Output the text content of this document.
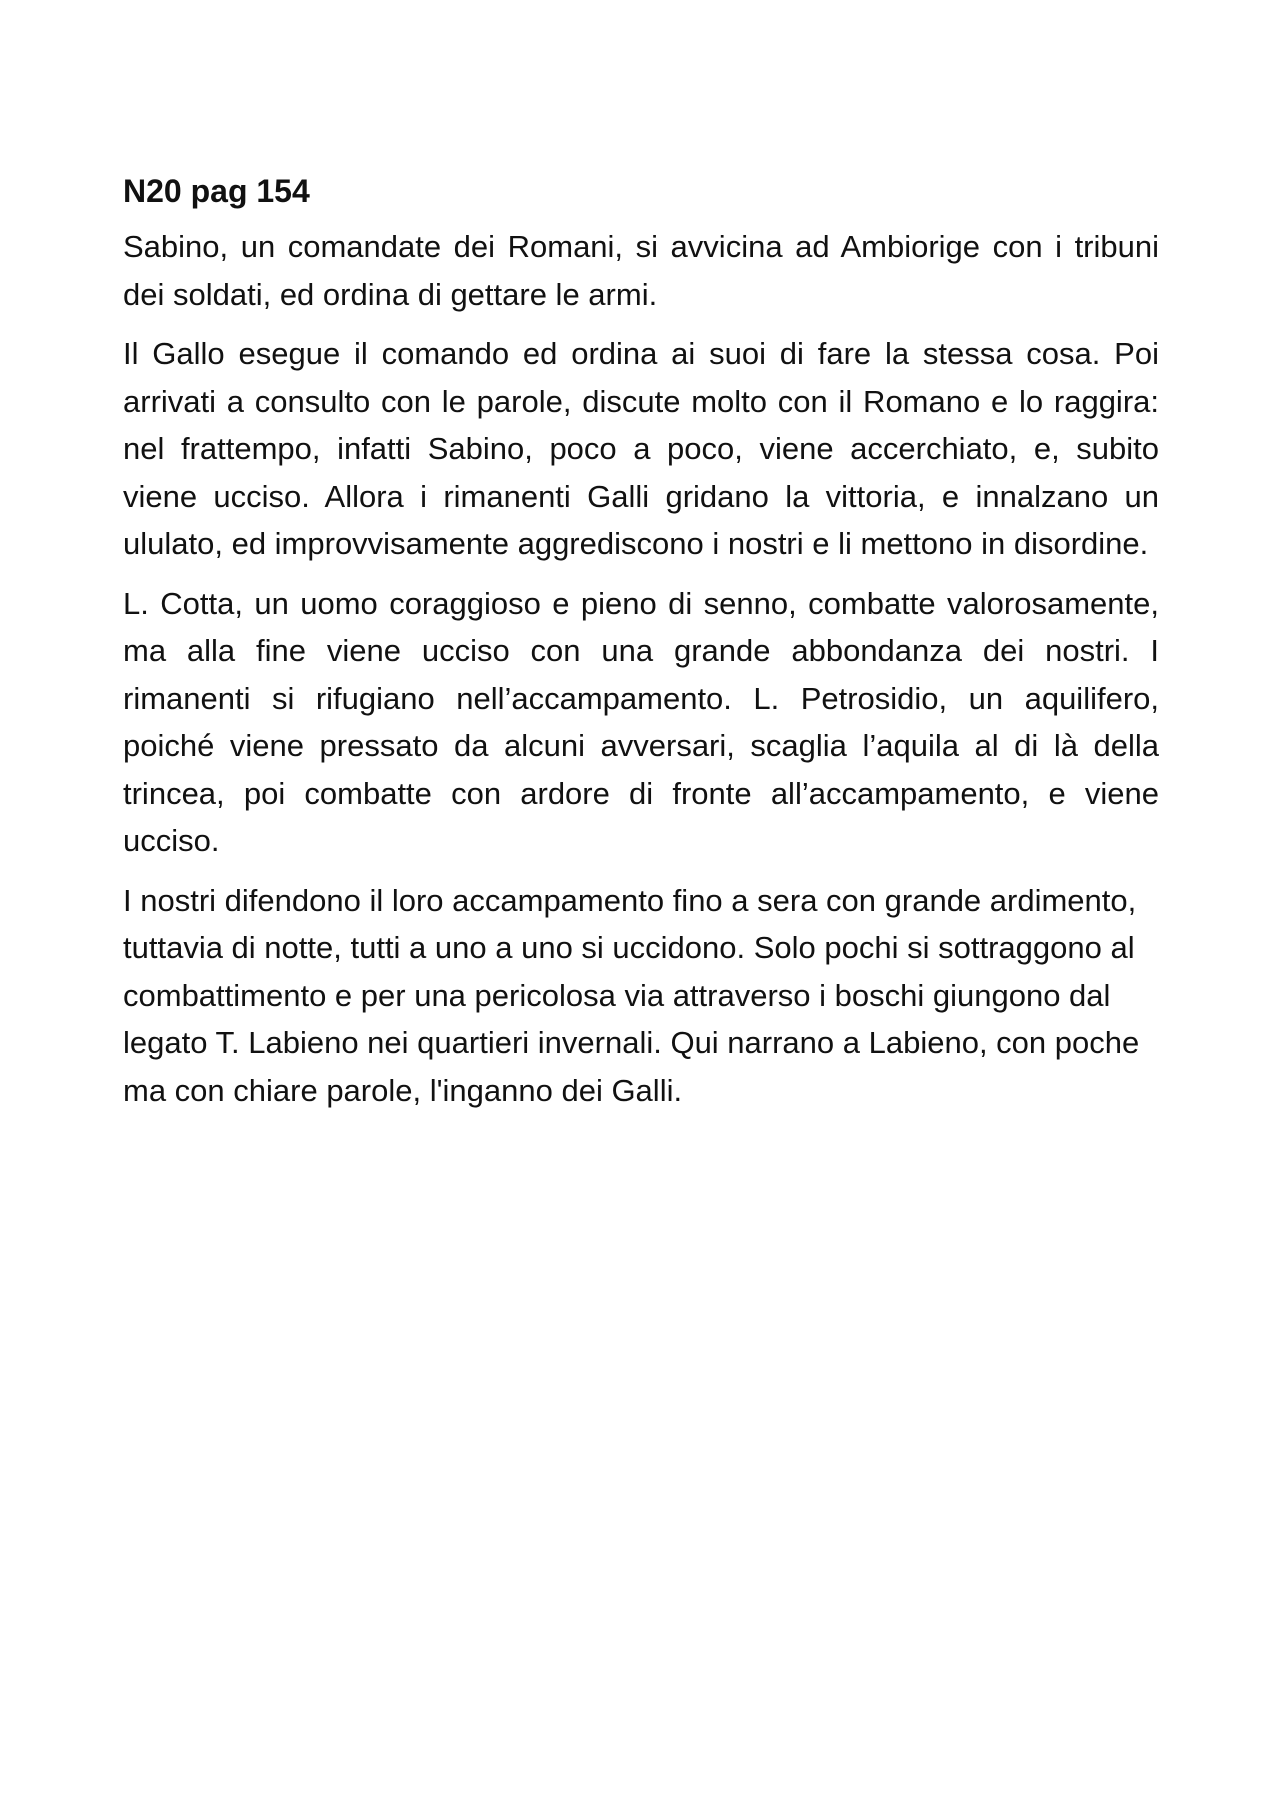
N20 pag 154

Sabino, un comandate dei Romani, si avvicina ad Ambiorige con i tribuni dei soldati, ed ordina di gettare le armi.

Il Gallo esegue il comando ed ordina ai suoi di fare la stessa cosa. Poi arrivati a consulto con le parole, discute molto con il Romano e lo raggira: nel frattempo, infatti Sabino, poco a poco, viene accerchiato, e, subito viene ucciso. Allora i rimanenti Galli gridano la vittoria, e innalzano un ululato, ed improvvisamente aggrediscono i nostri e li mettono in disordine.

L. Cotta, un uomo coraggioso e pieno di senno, combatte valorosamente, ma alla fine viene ucciso con una grande abbondanza dei nostri. I rimanenti si rifugiano nell’accampamento. L. Petrosidio, un aquilifero, poiché viene pressato da alcuni avversari, scaglia l’aquila al di là della trincea, poi combatte con ardore di fronte all’accampamento, e viene ucciso.

I nostri difendono il loro accampamento fino a sera con grande ardimento, tuttavia di notte, tutti a uno a uno si uccidono. Solo pochi si sottraggono al combattimento e per una pericolosa via attraverso i boschi giungono dal legato T. Labieno nei quartieri invernali. Qui narrano a Labieno, con poche ma con chiare parole, l'inganno dei Galli.
